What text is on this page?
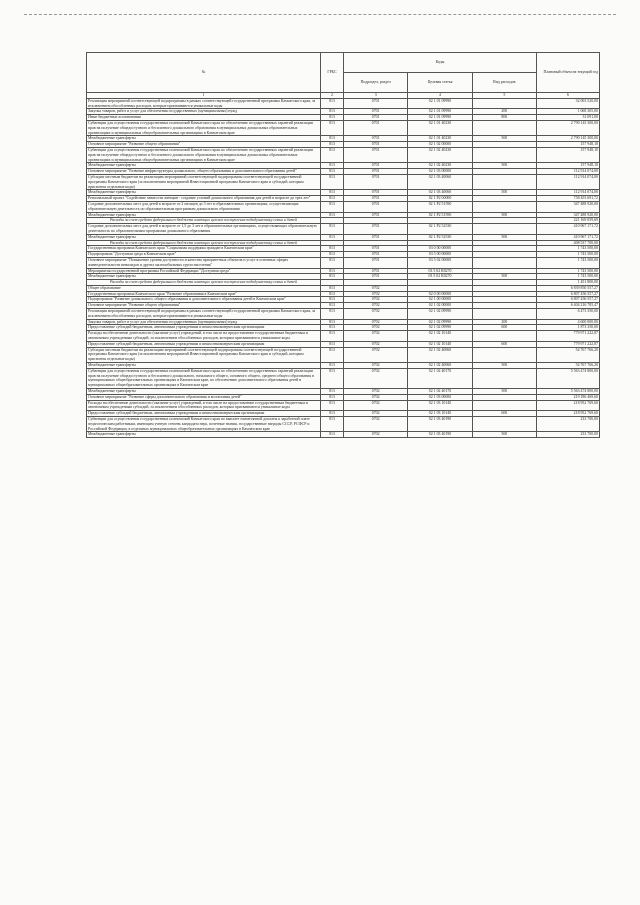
№	ГРБС	Коды			Плановый объем на текущий год
		Подраздел, раздел	Целевая статья	Вид расходов	
1	2	3	4	5	6
Реализация мероприятий соответствующей подпрограммы в рамках соответствующей государственной программы Камчатского края, за исключением обособленных расходов, которые присваиваются уникальные коды	813	0701	02 1 01 09990		32 003 520,00
Закупка товаров, работ и услуг для обеспечения государственных (муниципальных) нужд	813	0701	02 1 01 09990	200	1 068 305,00
Иные бюджетные ассигнования	813	0701	02 1 01 09990	800	31 091,00
Субвенции для осуществления государственных полномочий Камчатского края по обеспечению государственных гарантий реализации прав на получение общедоступного и бесплатного дошкольного образования в муниципальных дошкольных образовательных организациях и муниципальных общеобразовательных организациях в Камчатском крае	813	0701	02 1 01 40230		2 790 145 300,00
Межбюджетные трансферты	813	0701	02 1 01 40230	500	2 790 145 300,00
Основное мероприятие "Развитие общего образования"	813	0701	02 1 02 00000		157 948,10
Субвенции для осуществления государственных полномочий Камчатского края по обеспечению государственных гарантий реализации прав на получение общедоступного и бесплатного дошкольного образования в муниципальных дошкольных образовательных организациях и муниципальных общеобразовательных организациях в Камчатском крае	813	0701	02 1 02 40230		157 948,10
Межбюджетные трансферты	813	0701	02 1 02 40230	500	157 948,10
Основное мероприятие "Развитие инфраструктуры дошкольного, общего образования и дополнительного образования детей"	813	0701	02 1 03 00000		112 914 074,00
Субсидии местным бюджетам на реализацию мероприятий соответствующей подпрограммы соответствующей государственной программы Камчатского края (за исключением мероприятий Инвестиционной программы Камчатского края и субсидий, которым присвоены отдельные коды)	813	0701	02 1 03 40060		112 914 074,00
Межбюджетные трансферты	813	0701	02 1 03 40060	500	112 914 074,00
Региональный проект "Содействие занятости женщин - создание условий дошкольного образования для детей в возрасте до трех лет"	813	0701	02 1 P2 00000		758 455 691,72
Создание дополнительных мест для детей в возрасте от 2 месяцев до 3 лет в образовательных организациях, осуществляющих образовательную деятельность по образовательным программам дошкольного образования	813	0701	02 1 P2 51590		347 488 920,00
Межбюджетные трансферты	813	0701	02 1 P2 51590	500	347 488 920,00
Расходы за счет средств федерального бюджета имеющих целевое поступление подидушестику семьи и детей					221 169 059,69
Создание дополнительных мест для детей в возрасте от 1,5 до 3 лет в образовательных организациях, осуществляющих образовательную деятельность по образовательным программам дошкольного образования	813	0701	02 1 P2 52530		410 967 171,72
Межбюджетные трансферты	813	0701	02 1 P2 52530	500	410 967 171,72
Расходы за счет средств федерального бюджета имеющих целевое поступление подидушестику семьи и детей					408 537 700,00
Государственная программа Камчатского края "Социальная поддержка граждан в Камчатском крае"	813	0701	03 0 00 00000		1 743 500,00
Подпрограмма "Доступная среда в Камчатском крае"	813	0701	03 5 00 00000		1 743 500,00
Основное мероприятие "Повышение уровня доступности и качества приоритетных объектов и услуг в основных сферах жизнедеятельности инвалидов и других маломобильных групп населения"	813	0701	03 5 02 00000		1 743 500,00
Мероприятия государственной программы Российской Федерации "Доступная среда"	813	0701	03 5 02 R0270		1 743 500,00
Межбюджетные трансферты	813	0701	03 5 02 R0270	500	1 743 500,00
Расходы за счет средств федерального бюджета имеющих целевое поступление подидушестику семьи и детей					1 451 800,00
Общее образование	813	0702			6 839 850 557,27
Государственная программа Камчатского края "Развитие образования в Камчатском крае"	813	0702	02 0 00 00000		6 807 456 557,27
Подпрограмма "Развитие дошкольного, общего образования и дополнительного образования детей в Камчатском крае"	813	0702	02 1 00 00000		6 807 456 557,27
Основное мероприятие "Развитие общего образования"	813	0702	02 1 02 00000		6 404 216 785,47
Реализация мероприятий соответствующей подпрограммы в рамках соответствующей государственной программы Камчатского края, за исключением обособленных расходов, которые присваиваются уникальные коды	813	0702	02 1 02 09990		6 473 350,00
Закупка товаров, работ и услуг для обеспечения государственных (муниципальных) нужд	813	0702	02 1 02 09990	200	4 600 000,00
Предоставление субсидий бюджетным, автономным учреждениям и иным некоммерческим организациям	813	0702	02 1 02 09990	600	1 873 350,00
Расходы на обеспечение деятельности (оказание услуг) учреждений, в том числе на предоставление государственным бюджетным и автономным учреждениям субсидий, за исключением обособленных расходов, которым присваиваются уникальные коды	813	0702	02 1 02 10140		779 971 222,87
Предоставление субсидий бюджетным, автономным учреждениям и иным некоммерческим организациям	813	0702	02 1 02 10140	600	779 971 222,87
Субсидии местным бюджетам на реализацию мероприятий соответствующей подпрограммы соответствующей государственной программы Камчатского края (за исключением мероприятий Инвестиционной программы Камчатского края и субсидий, которым присвоены отдельные коды)	813	0702	02 1 02 40060		54 767 766,20
Межбюджетные трансферты	813	0702	02 1 02 40060	500	54 767 766,20
Субвенции для осуществления государственных полномочий Камчатского края по обеспечению государственных гарантий реализации прав на получение общедоступного и бесплатного дошкольного, начального общего, основного общего, среднего общего образования в муниципальных общеобразовательных организациях в Камчатском крае, по обеспечению дополнительного образования детей в муниципальных общеобразовательных организациях в Камчатском крае	813	0702	02 1 02 40170		5 563 474 800,00
Межбюджетные трансферты	813	0702	02 1 02 40170	500	5 563 474 800,00
Основное мероприятие "Развитие сферы дополнительного образования и воспитания детей"	813	0702	02 1 03 00000		219 186 469,60
Расходы на обеспечение деятельности (оказание услуг) учреждений, в том числе на предоставление государственным бюджетным и автономным учреждениям субсидий, за исключением обособленных расходов, которым присваиваются уникальные коды	813	0702	02 1 03 10140		218 952 769,60
Предоставление субсидий бюджетным, автономным учреждениям и иным некоммерческим организациям	813	0702	02 1 03 10140	600	218 952 769,60
Субвенции для осуществления государственных полномочий Камчатского края по выплате ежемесячной доплаты к заработной плате педагогическим работникам, имеющим ученую степень кандидата наук, почетные звания, государственные награды СССР, РСФСР и Российской Федерации, в отдельных муниципальных общеобразовательных организациях в Камчатском крае	813	0702	02 1 03 40190		233 700,00
Межбюджетные трансферты	813	0702	02 1 03 40190	500	233 700,00
